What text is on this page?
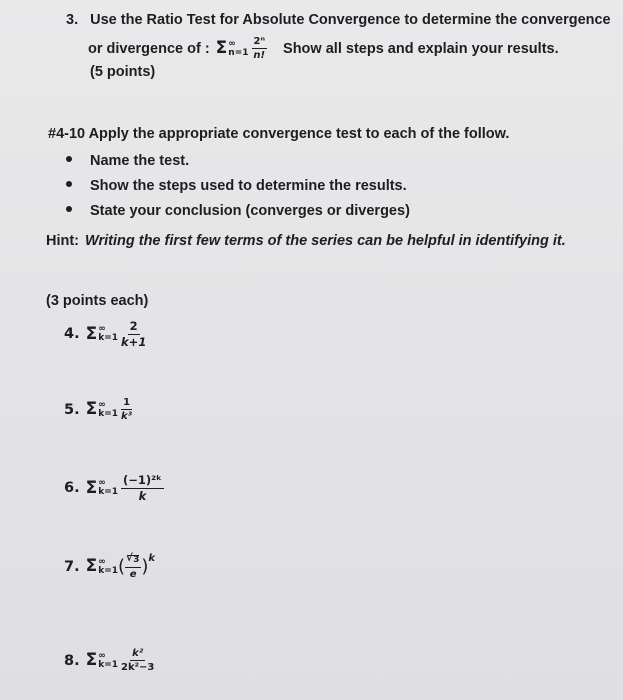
3. Use the Ratio Test for Absolute Convergence to determine the convergence
or divergence of : Σ ∞
$n=1 \frac{\text{2ⁿ}}{n!}$ Show all steps and explain your results.
(5 points)
#4-10 Apply the appropriate convergence test to each of the follow.
Name the test.
Show the steps used to determine the results.
State your conclusion (converges or diverges)
Hint: Writing the first few terms of the series can be helpful in identifying it.
(3 points each)
4. Σ ∞
$k=1 \frac{2}{k+1}$
5. Σ ∞
$k=1 \frac{1}{\text{k³}}$
6. Σ ∞
$k=1 \frac{\text{(−1)²ᵏ}}{k}$
7. Σ ∞
k=1 (
√ $\frac{3}{e}$ ) k
8. Σ ∞
$k=1 \frac{\text{k²}}{\text{2k²−3}}$
